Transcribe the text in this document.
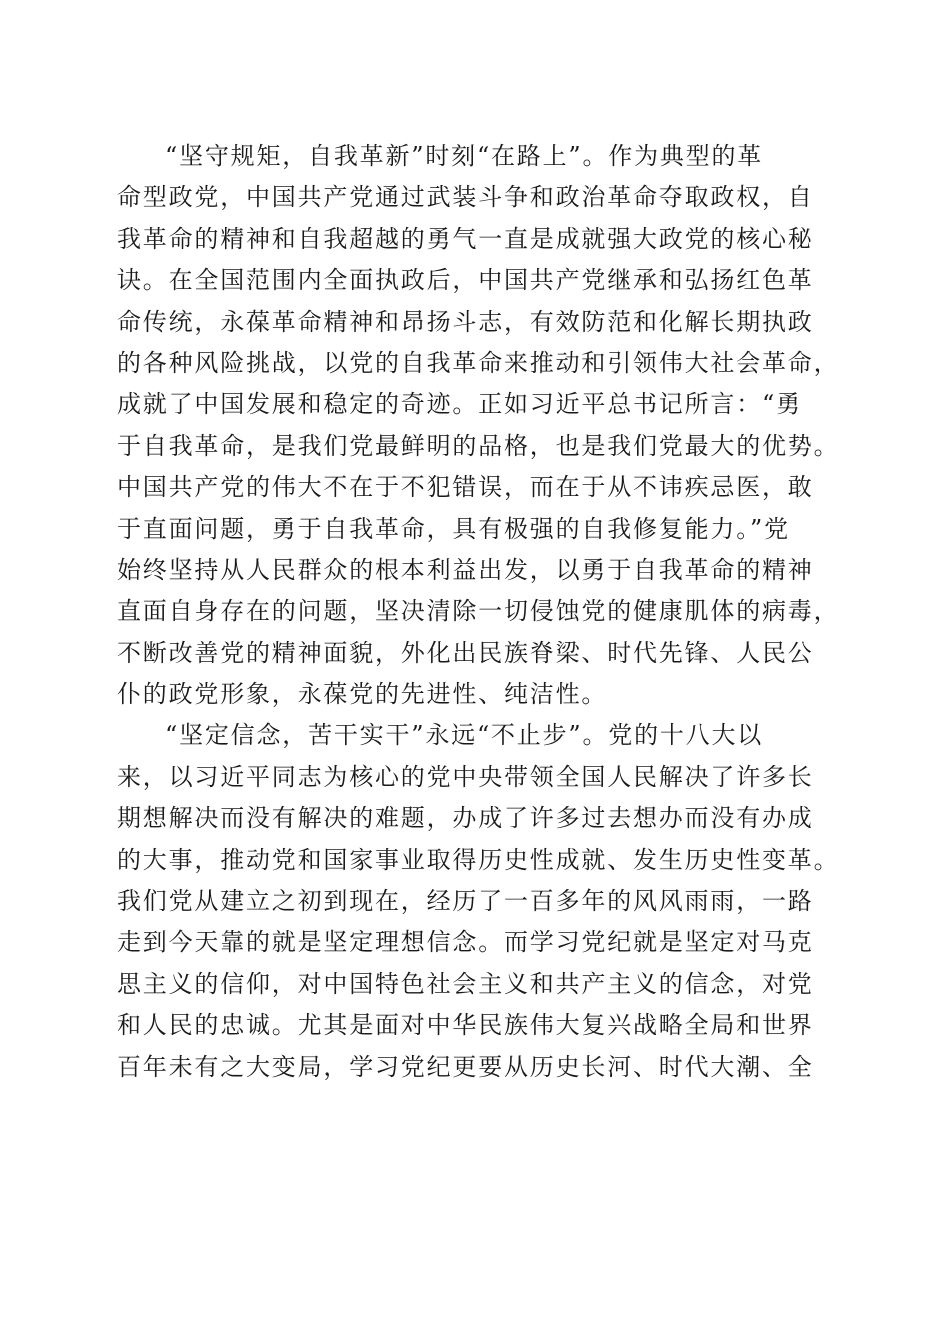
“坚守规矩，自我革新”时刻“在路上”。作为典型的革
命型政党，中国共产党通过武装斗争和政治革命夺取政权，自
我革命的精神和自我超越的勇气一直是成就强大政党的核心秘
诀。在全国范围内全面执政后，中国共产党继承和弘扬红色革
命传统，永葆革命精神和昂扬斗志，有效防范和化解长期执政
的各种风险挑战，以党的自我革命来推动和引领伟大社会革命，
成就了中国发展和稳定的奇迹。正如习近平总书记所言：“勇
于自我革命，是我们党最鲜明的品格，也是我们党最大的优势。
中国共产党的伟大不在于不犯错误，而在于从不讳疾忌医，敢
于直面问题，勇于自我革命，具有极强的自我修复能力。”党
始终坚持从人民群众的根本利益出发，以勇于自我革命的精神
直面自身存在的问题，坚决清除一切侵蚀党的健康肌体的病毒，
不断改善党的精神面貌，外化出民族脊梁、时代先锋、人民公
仆的政党形象，永葆党的先进性、纯洁性。
“坚定信念，苦干实干”永远“不止步”。党的十八大以
来，以习近平同志为核心的党中央带领全国人民解决了许多长
期想解决而没有解决的难题，办成了许多过去想办而没有办成
的大事，推动党和国家事业取得历史性成就、发生历史性变革。
我们党从建立之初到现在，经历了一百多年的风风雨雨，一路
走到今天靠的就是坚定理想信念。而学习党纪就是坚定对马克
思主义的信仰，对中国特色社会主义和共产主义的信念，对党
和人民的忠诚。尤其是面对中华民族伟大复兴战略全局和世界
百年未有之大变局，学习党纪更要从历史长河、时代大潮、全
